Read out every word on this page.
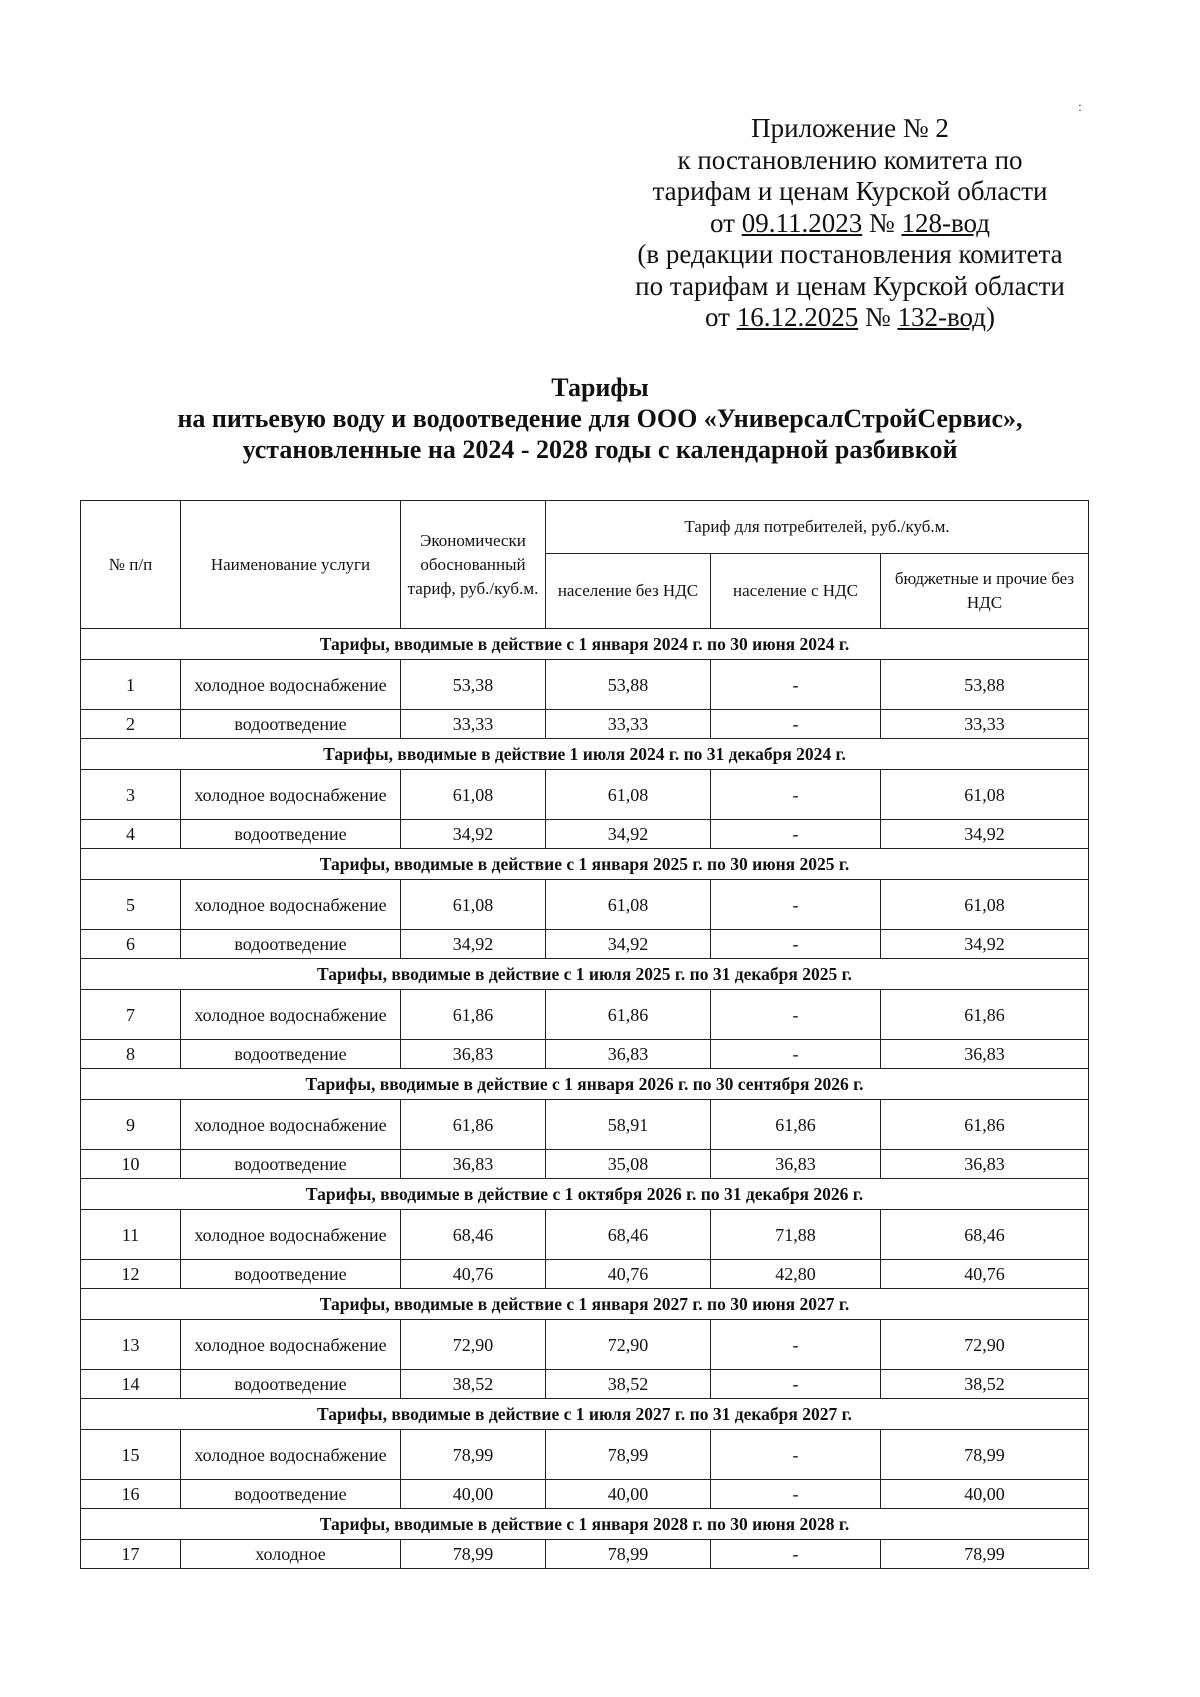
:
Приложение № 2
к постановлению комитета по
тарифам и ценам Курской области
от 09.11.2023 № 128-вод
(в редакции постановления комитета
по тарифам и ценам Курской области
от 16.12.2025 № 132-вод)
Тарифы
на питьевую воду и водоотведение для ООО «УниверсалСтройСервис»,
установленные на 2024 - 2028 годы с календарной разбивкой
№ п/п	Наименование услуги	Экономически обоснованный тариф, руб./куб.м.	Тариф для потребителей, руб./куб.м.		
			население без НДС	население с НДС	бюджетные и прочие без НДС
Тарифы, вводимые в действие с 1 января 2024 г. по 30 июня 2024 г.					
1	холодное водоснабжение	53,38	53,88	-	53,88
2	водоотведение	33,33	33,33	-	33,33
Тарифы, вводимые в действие 1 июля 2024 г. по 31 декабря 2024 г.					
3	холодное водоснабжение	61,08	61,08	-	61,08
4	водоотведение	34,92	34,92	-	34,92
Тарифы, вводимые в действие с 1 января 2025 г. по 30 июня 2025 г.					
5	холодное водоснабжение	61,08	61,08	-	61,08
6	водоотведение	34,92	34,92	-	34,92
Тарифы, вводимые в действие с 1 июля 2025 г. по 31 декабря 2025 г.					
7	холодное водоснабжение	61,86	61,86	-	61,86
8	водоотведение	36,83	36,83	-	36,83
Тарифы, вводимые в действие с 1 января 2026 г. по 30 сентября 2026 г.					
9	холодное водоснабжение	61,86	58,91	61,86	61,86
10	водоотведение	36,83	35,08	36,83	36,83
Тарифы, вводимые в действие с 1 октября 2026 г. по 31 декабря 2026 г.					
11	холодное водоснабжение	68,46	68,46	71,88	68,46
12	водоотведение	40,76	40,76	42,80	40,76
Тарифы, вводимые в действие с 1 января 2027 г. по 30 июня 2027 г.					
13	холодное водоснабжение	72,90	72,90	-	72,90
14	водоотведение	38,52	38,52	-	38,52
Тарифы, вводимые в действие с 1 июля 2027 г. по 31 декабря 2027 г.					
15	холодное водоснабжение	78,99	78,99	-	78,99
16	водоотведение	40,00	40,00	-	40,00
Тарифы, вводимые в действие с 1 января 2028 г. по 30 июня 2028 г.					
17	холодное	78,99	78,99	-	78,99
